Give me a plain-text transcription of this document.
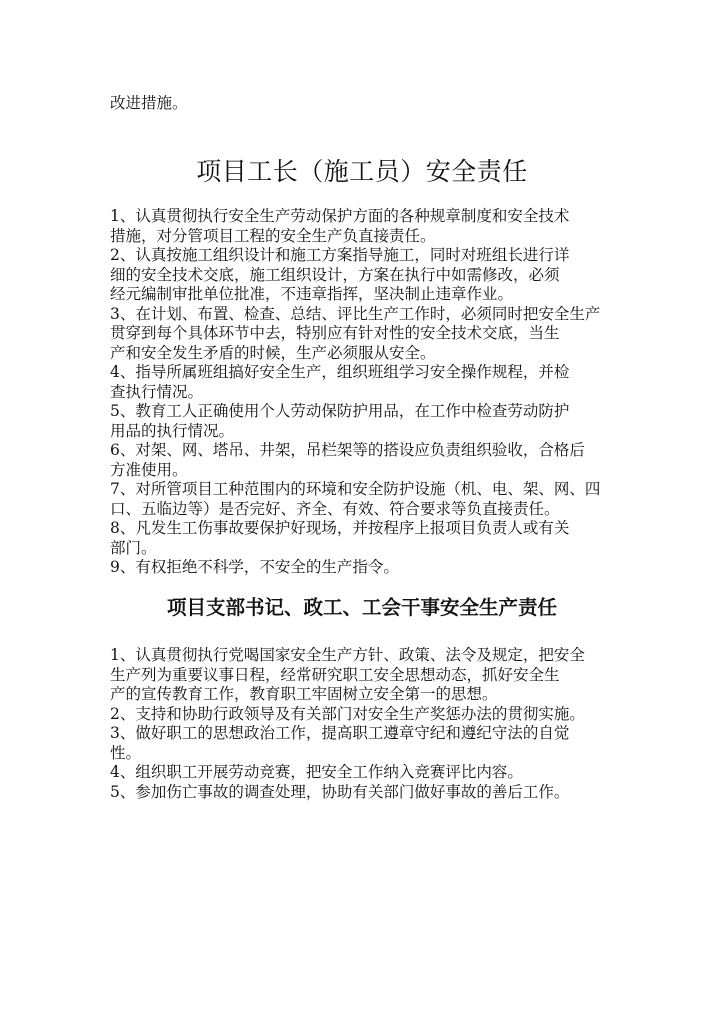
改进措施。
项目工长（施工员）安全责任
1、认真贯彻执行安全生产劳动保护方面的各种规章制度和安全技术
措施，对分管项目工程的安全生产负直接责任。
2、认真按施工组织设计和施工方案指导施工，同时对班组长进行详
细的安全技术交底，施工组织设计，方案在执行中如需修改，必须
经元编制审批单位批准，不违章指挥，坚决制止违章作业。
3、在计划、布置、检查、总结、评比生产工作时，必须同时把安全生产
贯穿到每个具体环节中去，特别应有针对性的安全技术交底，当生
产和安全发生矛盾的时候，生产必须服从安全。
4、指导所属班组搞好安全生产，组织班组学习安全操作规程，并检
查执行情况。
5、教育工人正确使用个人劳动保防护用品，在工作中检查劳动防护
用品的执行情况。
6、对架、网、塔吊、井架，吊栏架等的搭设应负责组织验收，合格后
方准使用。
7、对所管项目工种范围内的环境和安全防护设施（机、电、架、网、四
口、五临边等）是否完好、齐全、有效、符合要求等负直接责任。
8、凡发生工伤事故要保护好现场，并按程序上报项目负责人或有关
部门。
9、有权拒绝不科学，不安全的生产指令。
项目支部书记、政工、工会干事安全生产责任
1、认真贯彻执行党喝国家安全生产方针、政策、法令及规定，把安全
生产列为重要议事日程，经常研究职工安全思想动态，抓好安全生
产的宣传教育工作，教育职工牢固树立安全第一的思想。
2、支持和协助行政领导及有关部门对安全生产奖惩办法的贯彻实施。
3、做好职工的思想政治工作，提高职工遵章守纪和遵纪守法的自觉
性。
4、组织职工开展劳动竞赛，把安全工作纳入竞赛评比内容。
5、参加伤亡事故的调查处理，协助有关部门做好事故的善后工作。
